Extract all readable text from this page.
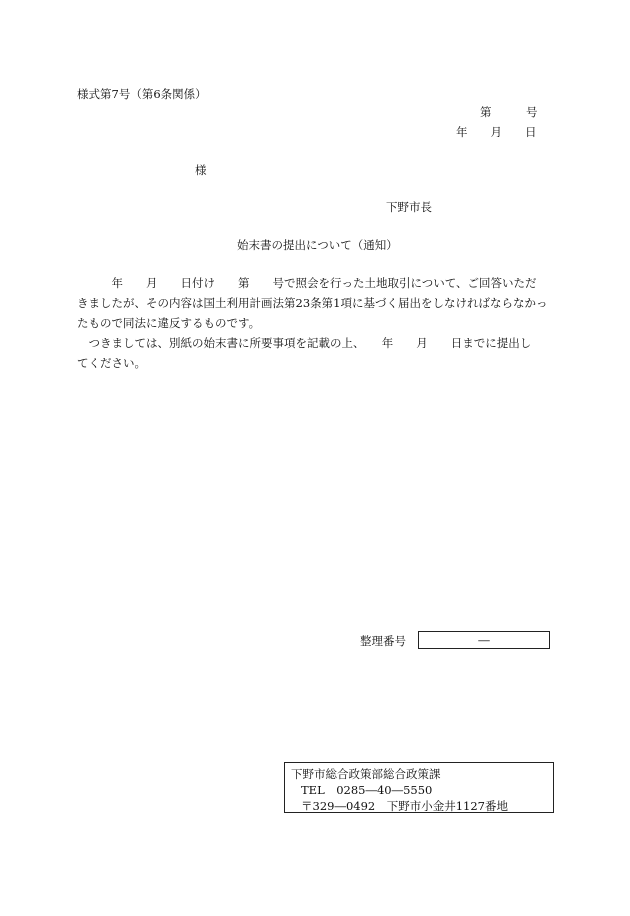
様式第7号（第6条関係）
第　　　号
年　　月　　日
様
下野市長
始末書の提出について（通知）
　　　年　　月　　日付け　　第　　号で照会を行った土地取引について、ご回答いただ
きましたが、その内容は国土利用計画法第23条第1項に基づく届出をしなければならなかっ
たもので同法に違反するものです。
　つきましては、別紙の始末書に所要事項を記載の上、　　年　　月　　日までに提出し
てください。
整理番号	―
下野市総合政策部総合政策課
TEL　0285―40―5550
〒329―0492　下野市小金井1127番地
